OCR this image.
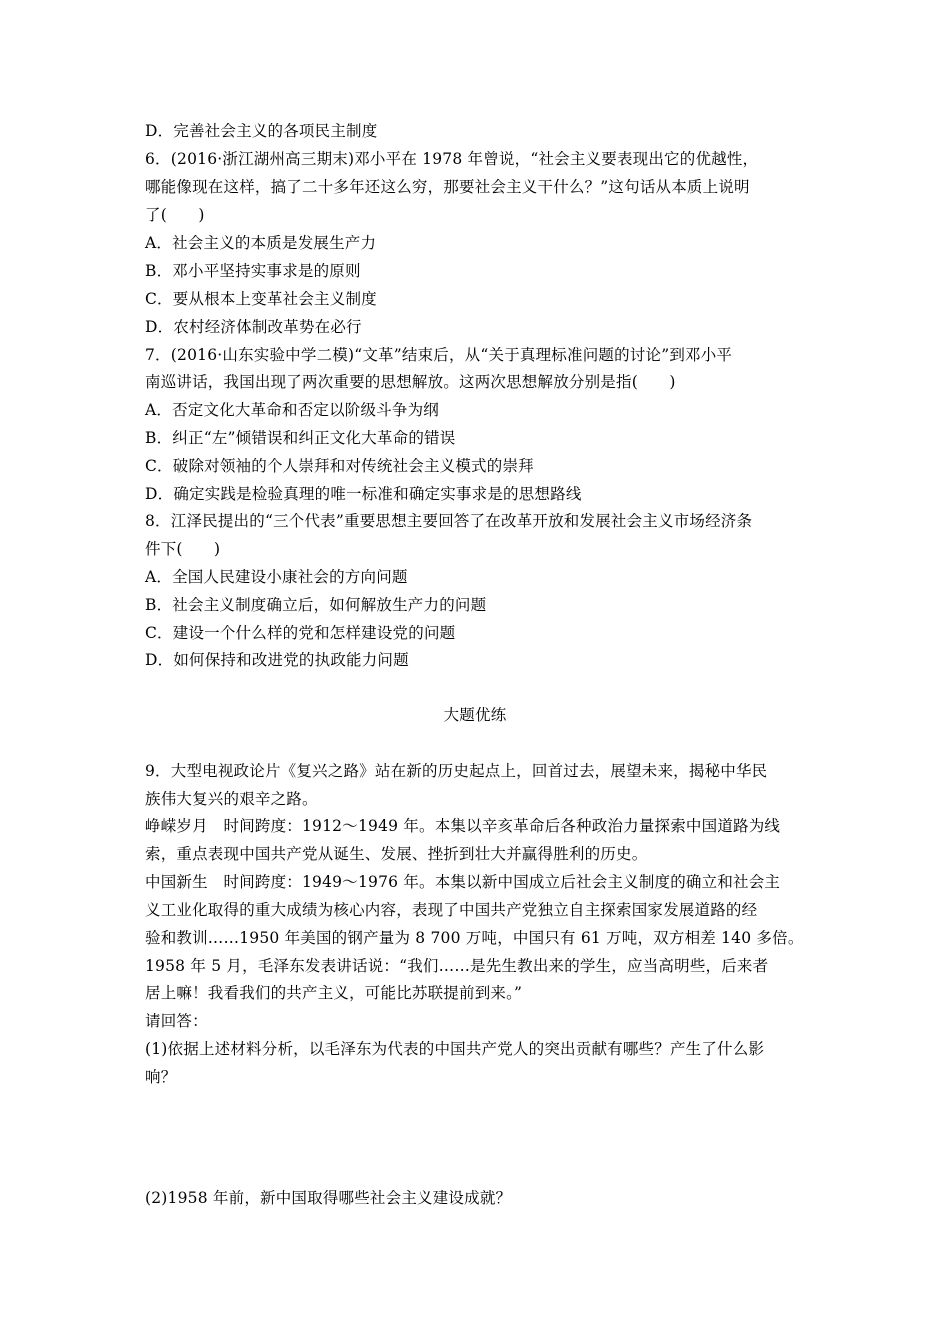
D．完善社会主义的各项民主制度
6．(2016·浙江湖州高三期末)邓小平在 1978 年曾说，“社会主义要表现出它的优越性，
哪能像现在这样，搞了二十多年还这么穷，那要社会主义干什么？”这句话从本质上说明
了(　　)
A．社会主义的本质是发展生产力
B．邓小平坚持实事求是的原则
C．要从根本上变革社会主义制度
D．农村经济体制改革势在必行
7．(2016·山东实验中学二模)“文革”结束后，从“关于真理标准问题的讨论”到邓小平
南巡讲话，我国出现了两次重要的思想解放。这两次思想解放分别是指(　　)
A．否定文化大革命和否定以阶级斗争为纲
B．纠正“左”倾错误和纠正文化大革命的错误
C．破除对领袖的个人崇拜和对传统社会主义模式的崇拜
D．确定实践是检验真理的唯一标准和确定实事求是的思想路线
8．江泽民提出的“三个代表”重要思想主要回答了在改革开放和发展社会主义市场经济条
件下(　　)
A．全国人民建设小康社会的方向问题
B．社会主义制度确立后，如何解放生产力的问题
C．建设一个什么样的党和怎样建设党的问题
D．如何保持和改进党的执政能力问题
大题优练
9．大型电视政论片《复兴之路》站在新的历史起点上，回首过去，展望未来，揭秘中华民
族伟大复兴的艰辛之路。
峥嵘岁月　时间跨度：1912～1949 年。本集以辛亥革命后各种政治力量探索中国道路为线
索，重点表现中国共产党从诞生、发展、挫折到壮大并赢得胜利的历史。
中国新生　时间跨度：1949～1976 年。本集以新中国成立后社会主义制度的确立和社会主
义工业化取得的重大成绩为核心内容，表现了中国共产党独立自主探索国家发展道路的经
验和教训……1950 年美国的钢产量为 8 700 万吨，中国只有 61 万吨，双方相差 140 多倍。
1958 年 5 月，毛泽东发表讲话说：“我们……是先生教出来的学生，应当高明些，后来者
居上嘛！我看我们的共产主义，可能比苏联提前到来。”
请回答：
(1)依据上述材料分析，以毛泽东为代表的中国共产党人的突出贡献有哪些？产生了什么影
响？
(2)1958 年前，新中国取得哪些社会主义建设成就？
